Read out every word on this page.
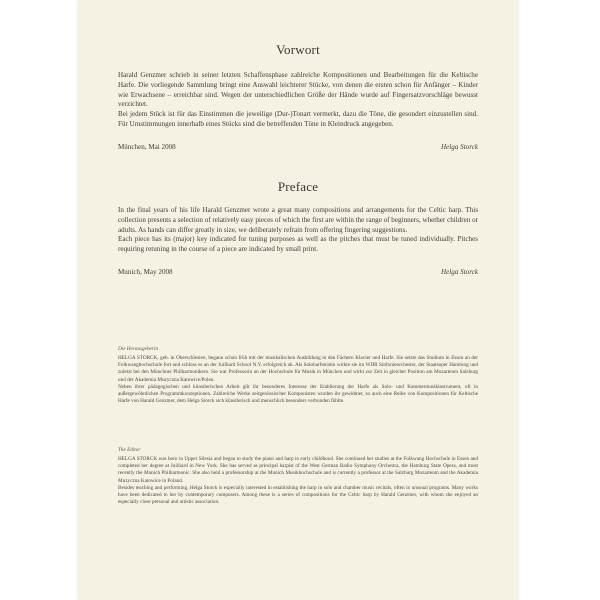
Vorwort

Harald Genzmer schrieb in seiner letzten Schaffensphase zahlreiche Kompositionen und Bearbeitungen für die Keltische Harfe. Die vorliegende Sammlung bringt eine Auswahl leichterer Stücke, von denen die ersten schon für Anfänger – Kinder wie Erwachsene – erreichbar sind. Wegen der unterschiedlichen Größe der Hände wurde auf Fingersatzvorschläge bewusst verzichtet.

Bei jedem Stück ist für das Einstimmen die jeweilige (Dur-)Tonart vermerkt, dazu die Töne, die gesondert einzustellen sind. Für Umstimmungen innerhalb eines Stücks sind die betreffenden Töne in Kleindruck angegeben.

München, Mai 2008	Helga Storck
Preface

In the final years of his life Harald Genzmer wrote a great many compositions and arrangements for the Celtic harp. This collection presents a selection of relatively easy pieces of which the first are within the range of beginners, whether children or adults. As hands can differ greatly in size, we deliberately refrain from offering fingering suggestions.

Each piece has its (major) key indicated for tuning purposes as well as the pitches that must be tuned individually. Pitches requiring retuning in the course of a piece are indicated by small print.

Munich, May 2008	Helga Storck
Die Herausgeberin

HELGA STORCK, geb. in Oberschlesien, begann schon früh mit der musikalischen Ausbildung in den Fächern Klavier und Harfe. Sie setzte das Studium in Essen an der Folkwanghochschule fort und schloss es an der Juilliard School N.Y. erfolgreich ab. Als Soloharfenistin wirkte sie im WDR Sinfonieorchester, der Staatsoper Hamburg und zuletzt bei den Münchner Philharmonikern. Sie war Professorin an der Hochschule für Musik in München und wirkt zur Zeit in gleicher Position am Mozarteum Salzburg und der Akademia Muzyczna Katowice/Polen.

Neben ihrer pädagogischen und künstlerischen Arbeit gilt ihr besonderes Interesse der Etablierung der Harfe als Solo- und Kammermusikinstrument, oft in außergewöhnlichen Programmkonzeptionen. Zahlreiche Werke zeitgenössischer Komponisten wurden ihr gewidmet, so auch eine Reihe von Kompositionen für Keltische Harfe von Harald Genzmer, dem Helga Storck sich künstlerisch und menschlich besonders verbunden fühlte.

The Editor

HELGA STORCK was born in Upper Silesia and began to study the piano and harp in early childhood. She continued her studies at the Folkwang Hochschule in Essen and completed her degree at Juilliard in New York. She has served as principal harpist of the West German Radio Symphony Orchestra, the Hamburg State Opera, and most recently the Munich Philharmonic. She also held a professorship at the Munich Musikhochschule and is currently a professor at the Salzburg Mozarteum and the Akademia Muzyczna Katowice in Poland.

Besides teaching and performing, Helga Storck is especially interested in establishing the harp in solo and chamber music recitals, often in unusual programs. Many works have been dedicated to her by contemporary composers. Among these is a series of compositions for the Celtic harp by Harald Genzmer, with whom she enjoyed an especially close personal and artistic association.
